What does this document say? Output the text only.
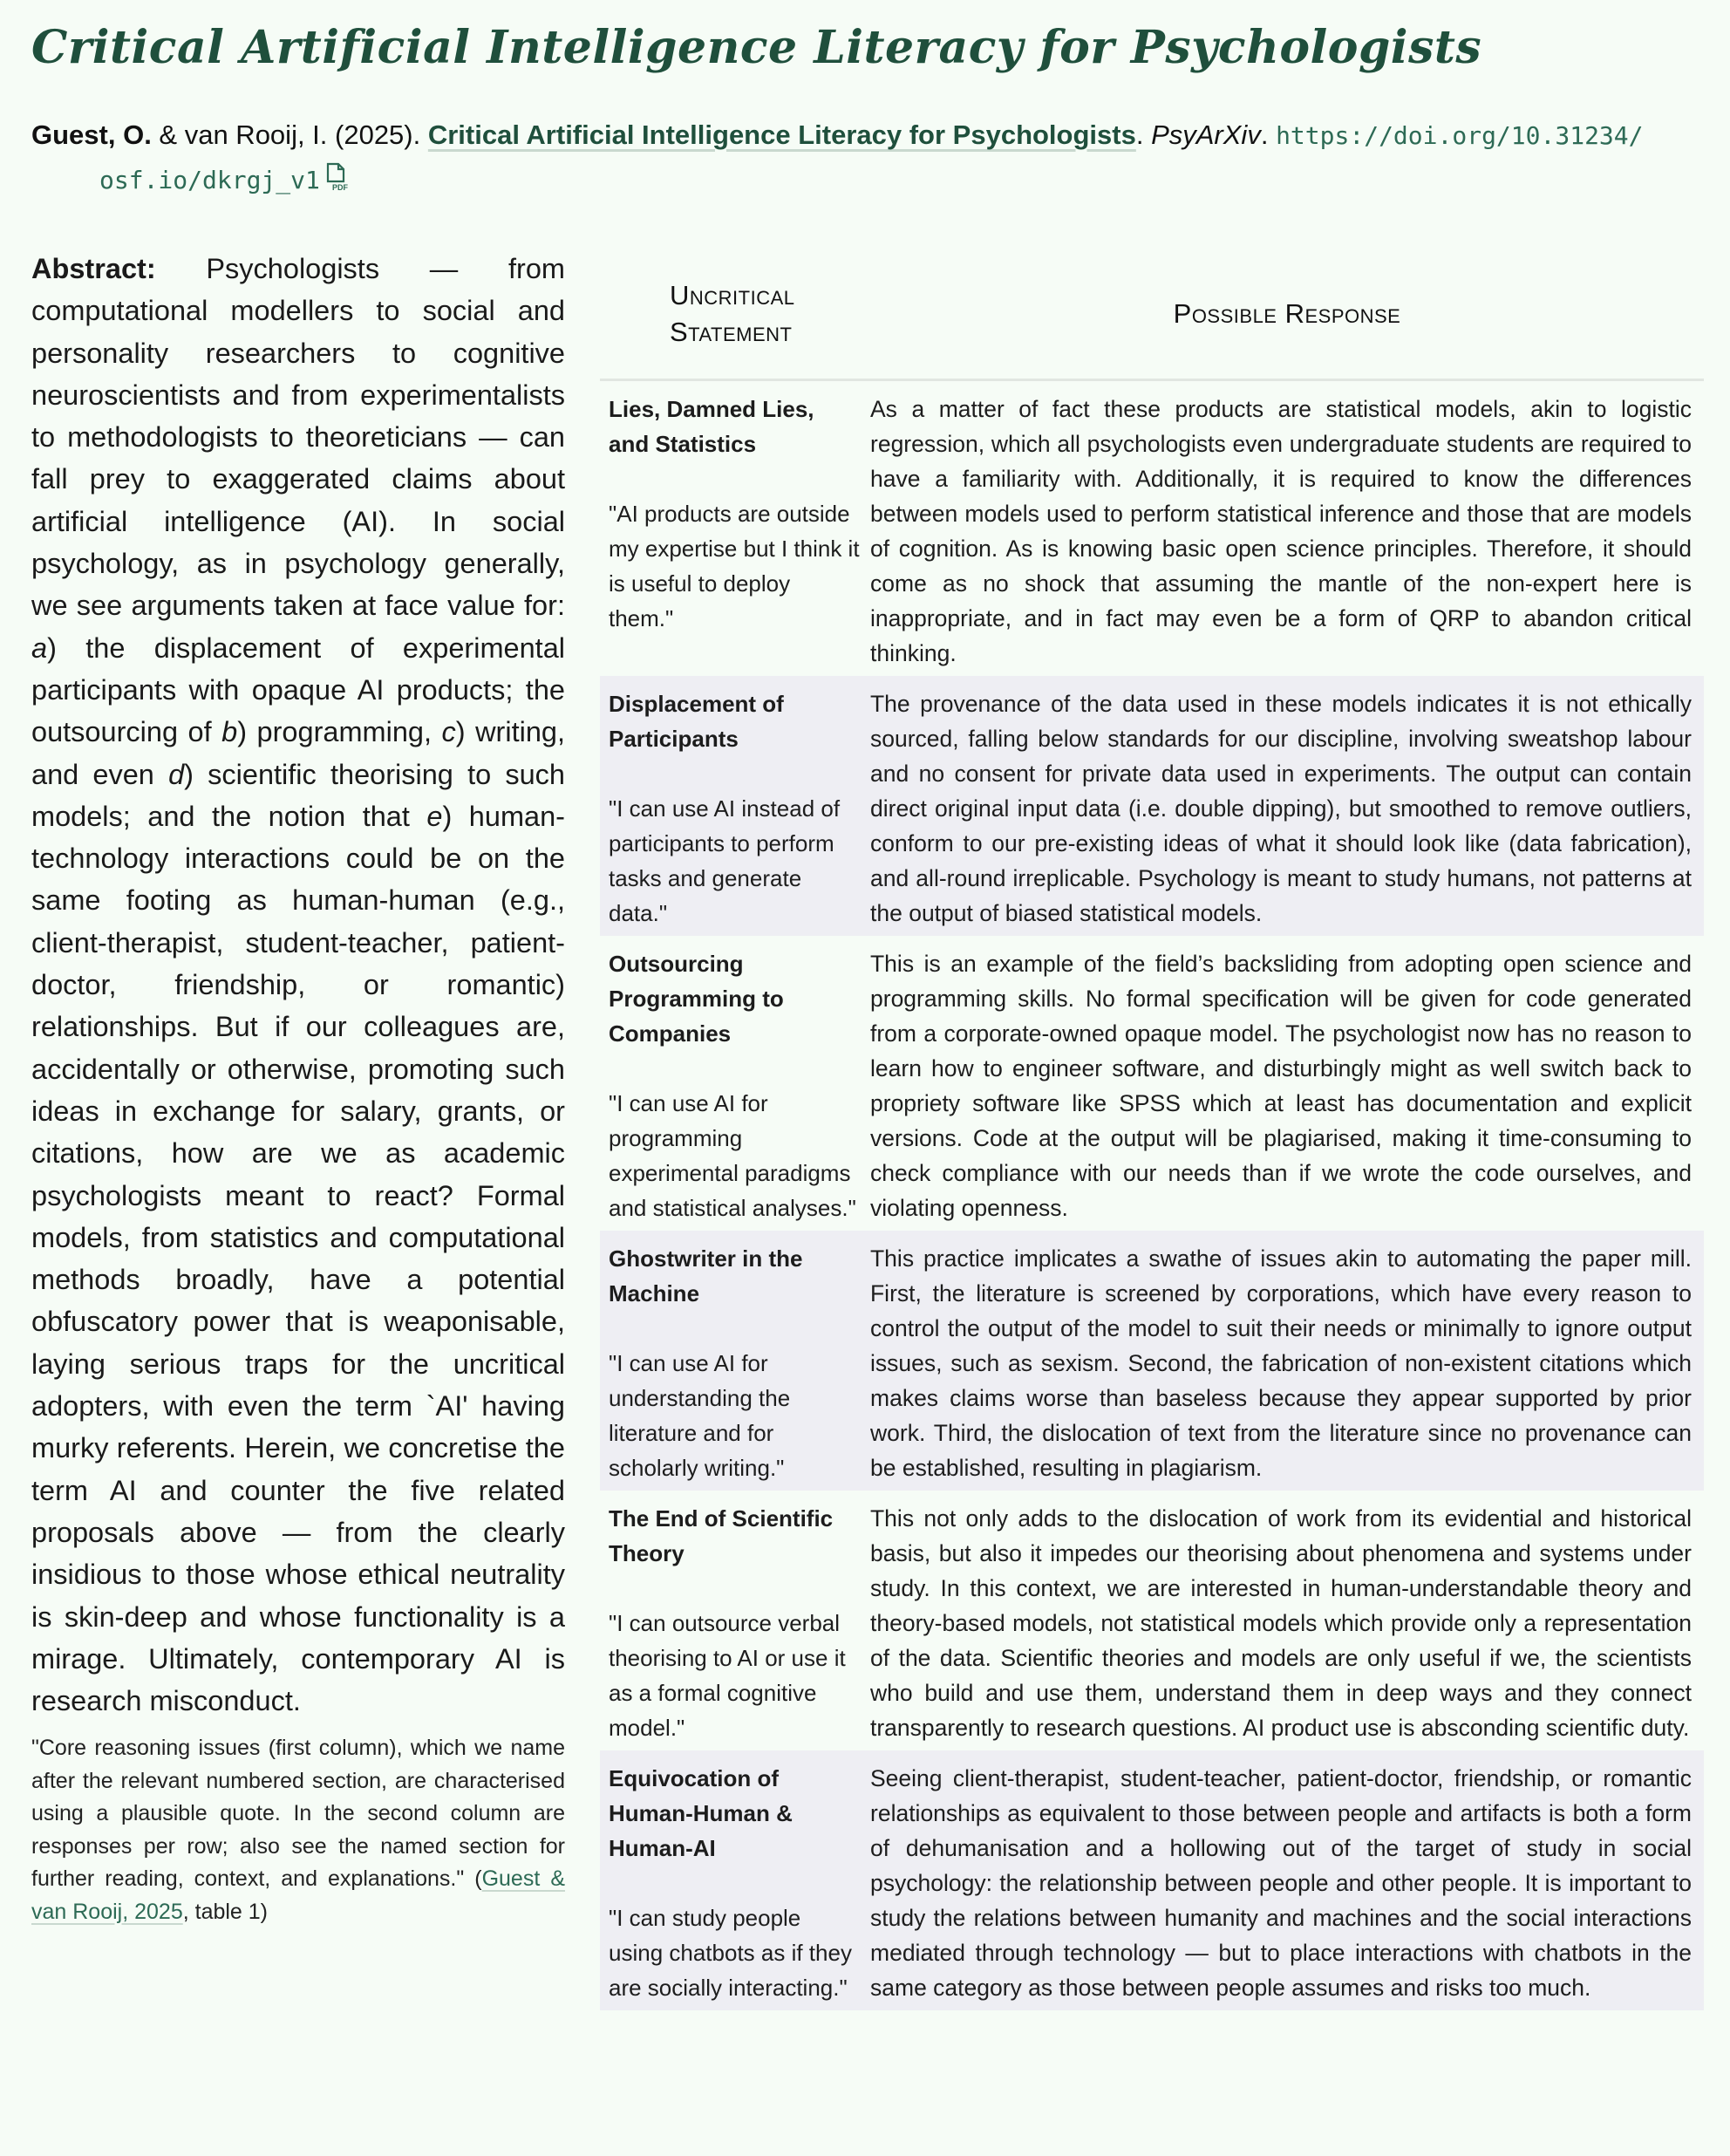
Critical Artificial Intelligence Literacy for Psychologists
Guest, O. & van Rooij, I. (2025). Critical Artificial Intelligence Literacy for Psychologists. PsyArXiv. https://doi.org/10.31234/
osf.io/dkrgj_v1 PDF
Abstract: Psychologists — from computational modellers to social and personality researchers to cognitive neuroscientists and from experimentalists to methodologists to theoreticians — can fall prey to exaggerated claims about artificial intelligence (AI). In social psychology, as in psychology generally, we see arguments taken at face value for: a) the displacement of experimental participants with opaque AI products; the outsourcing of b) programming, c) writing, and even d) scientific theorising to such models; and the notion that e) human-technology interactions could be on the same footing as human-human (e.g., client-therapist, student-teacher, patient-doctor, friendship, or romantic) relationships. But if our colleagues are, accidentally or otherwise, promoting such ideas in exchange for salary, grants, or citations, how are we as academic psychologists meant to react? Formal models, from statistics and computational methods broadly, have a potential obfuscatory power that is weaponisable, laying serious traps for the uncritical adopters, with even the term `AI' having murky referents. Herein, we concretise the term AI and counter the five related proposals above — from the clearly insidious to those whose ethical neutrality is skin-deep and whose functionality is a mirage. Ultimately, contemporary AI is research misconduct.
"Core reasoning issues (first column), which we name after the relevant numbered section, are characterised using a plausible quote. In the second column are responses per row; also see the named section for further reading, context, and explanations." (Guest & van Rooij, 2025, table 1)
Uncritical Statement
Possible Response
Lies, Damned Lies, and Statistics
"AI products are outside my expertise but I think it is useful to deploy them."
As a matter of fact these products are statistical models, akin to logistic regression, which all psychologists even undergraduate students are required to have a familiarity with. Additionally, it is required to know the differences between models used to perform statistical inference and those that are models of cognition. As is knowing basic open science principles. Therefore, it should come as no shock that assuming the mantle of the non-expert here is inappropriate, and in fact may even be a form of QRP to abandon critical thinking.
Displacement of Participants
"I can use AI instead of participants to perform tasks and generate data."
The provenance of the data used in these models indicates it is not ethically sourced, falling below standards for our discipline, involving sweatshop labour and no consent for private data used in experiments. The output can contain direct original input data (i.e. double dipping), but smoothed to remove outliers, conform to our pre-existing ideas of what it should look like (data fabrication), and all-round irreplicable. Psychology is meant to study humans, not patterns at the output of biased statistical models.
Outsourcing Programming to Companies
"I can use AI for programming experimental paradigms and statistical analyses."
This is an example of the field’s backsliding from adopting open science and programming skills. No formal specification will be given for code generated from a corporate-owned opaque model. The psychologist now has no reason to learn how to engineer software, and disturbingly might as well switch back to propriety software like SPSS which at least has documentation and explicit versions. Code at the output will be plagiarised, making it time-consuming to check compliance with our needs than if we wrote the code ourselves, and violating openness.
Ghostwriter in the Machine
"I can use AI for understanding the literature and for scholarly writing."
This practice implicates a swathe of issues akin to automating the paper mill. First, the literature is screened by corporations, which have every reason to control the output of the model to suit their needs or minimally to ignore output issues, such as sexism. Second, the fabrication of non-existent citations which makes claims worse than baseless because they appear supported by prior work. Third, the dislocation of text from the literature since no provenance can be established, resulting in plagiarism.
The End of Scientific Theory
"I can outsource verbal theorising to AI or use it as a formal cognitive model."
This not only adds to the dislocation of work from its evidential and historical basis, but also it impedes our theorising about phenomena and systems under study. In this context, we are interested in human-understandable theory and theory-based models, not statistical models which provide only a representation of the data. Scientific theories and models are only useful if we, the scientists who build and use them, understand them in deep ways and they connect transparently to research questions. AI product use is absconding scientific duty.
Equivocation of Human-Human & Human-AI
"I can study people using chatbots as if they are socially interacting."
Seeing client-therapist, student-teacher, patient-doctor, friendship, or romantic relationships as equivalent to those between people and artifacts is both a form of dehumanisation and a hollowing out of the target of study in social psychology: the relationship between people and other people. It is important to study the relations between humanity and machines and the social interactions mediated through technology — but to place interactions with chatbots in the same category as those between people assumes and risks too much.
